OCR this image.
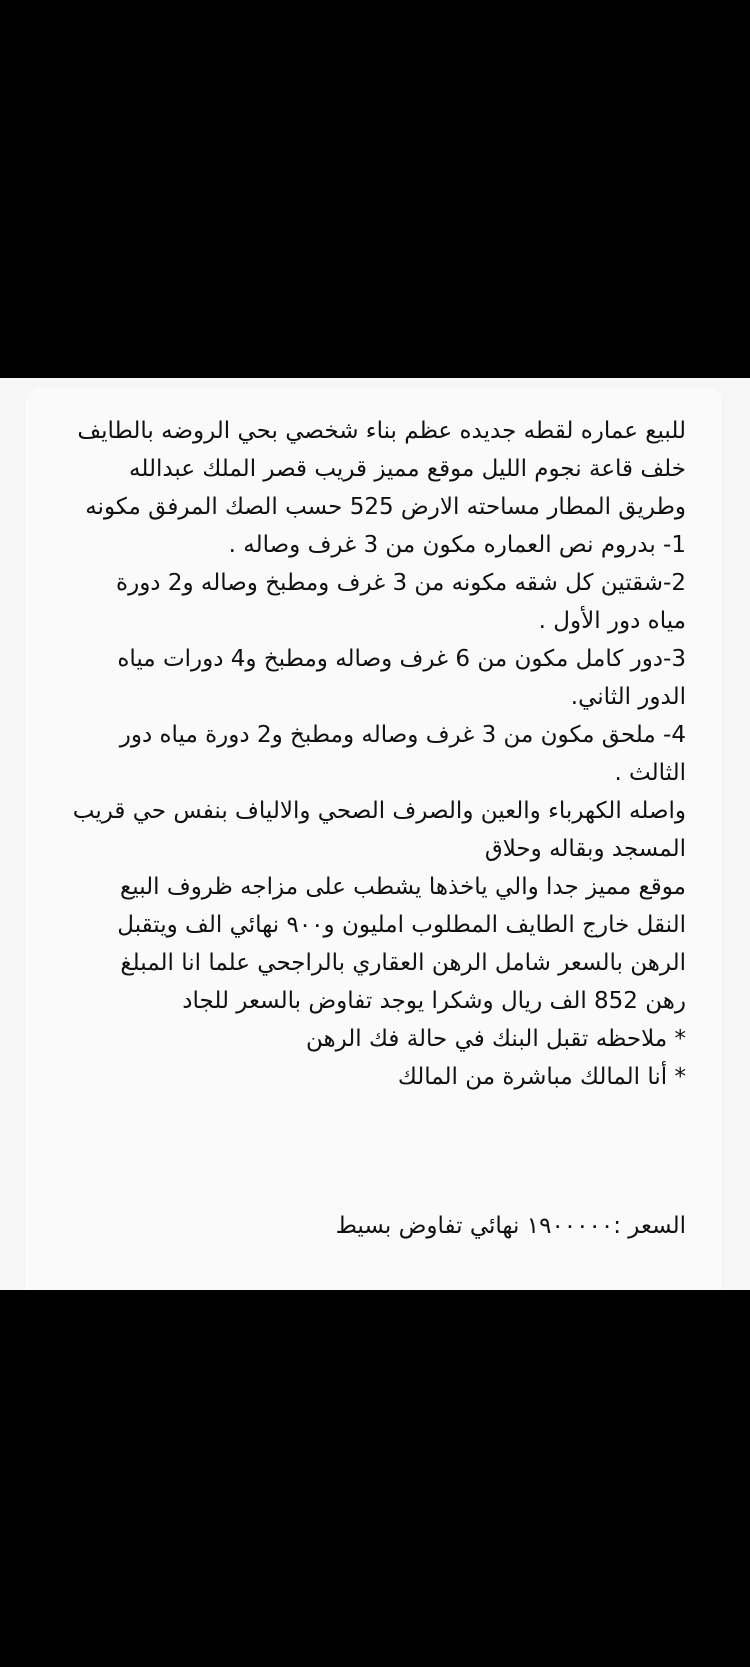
للبيع عماره لقطه جديده عظم بناء شخصي بحي الروضه بالطايف
خلف قاعة نجوم الليل موقع مميز قريب قصر الملك عبدالله
وطريق المطار مساحته الارض 525 حسب الصك المرفق مكونه
1- بدروم نص العماره مكون من 3 غرف وصاله .
2-شقتين كل شقه مكونه من 3 غرف ومطبخ وصاله و2 دورة
مياه دور الأول .
3-دور كامل مكون من 6 غرف وصاله ومطبخ و4 دورات مياه
الدور الثاني.
4- ملحق مكون من 3 غرف وصاله ومطبخ و2 دورة مياه دور
الثالث .
واصله الكهرباء والعين والصرف الصحي والالياف بنفس حي قريب
المسجد وبقاله وحلاق
موقع مميز جدا والي ياخذها يشطب على مزاجه ظروف البيع
النقل خارج الطايف المطلوب امليون و٩٠٠ نهائي الف ويتقبل
الرهن بالسعر شامل الرهن العقاري بالراجحي علما انا المبلغ
رهن 852 الف ريال وشكرا يوجد تفاوض بالسعر للجاد
* ملاحظه تقبل البنك في حالة فك الرهن
* أنا المالك مباشرة من المالك
السعر :١٩٠٠٠٠٠ نهائي تفاوض بسيط
